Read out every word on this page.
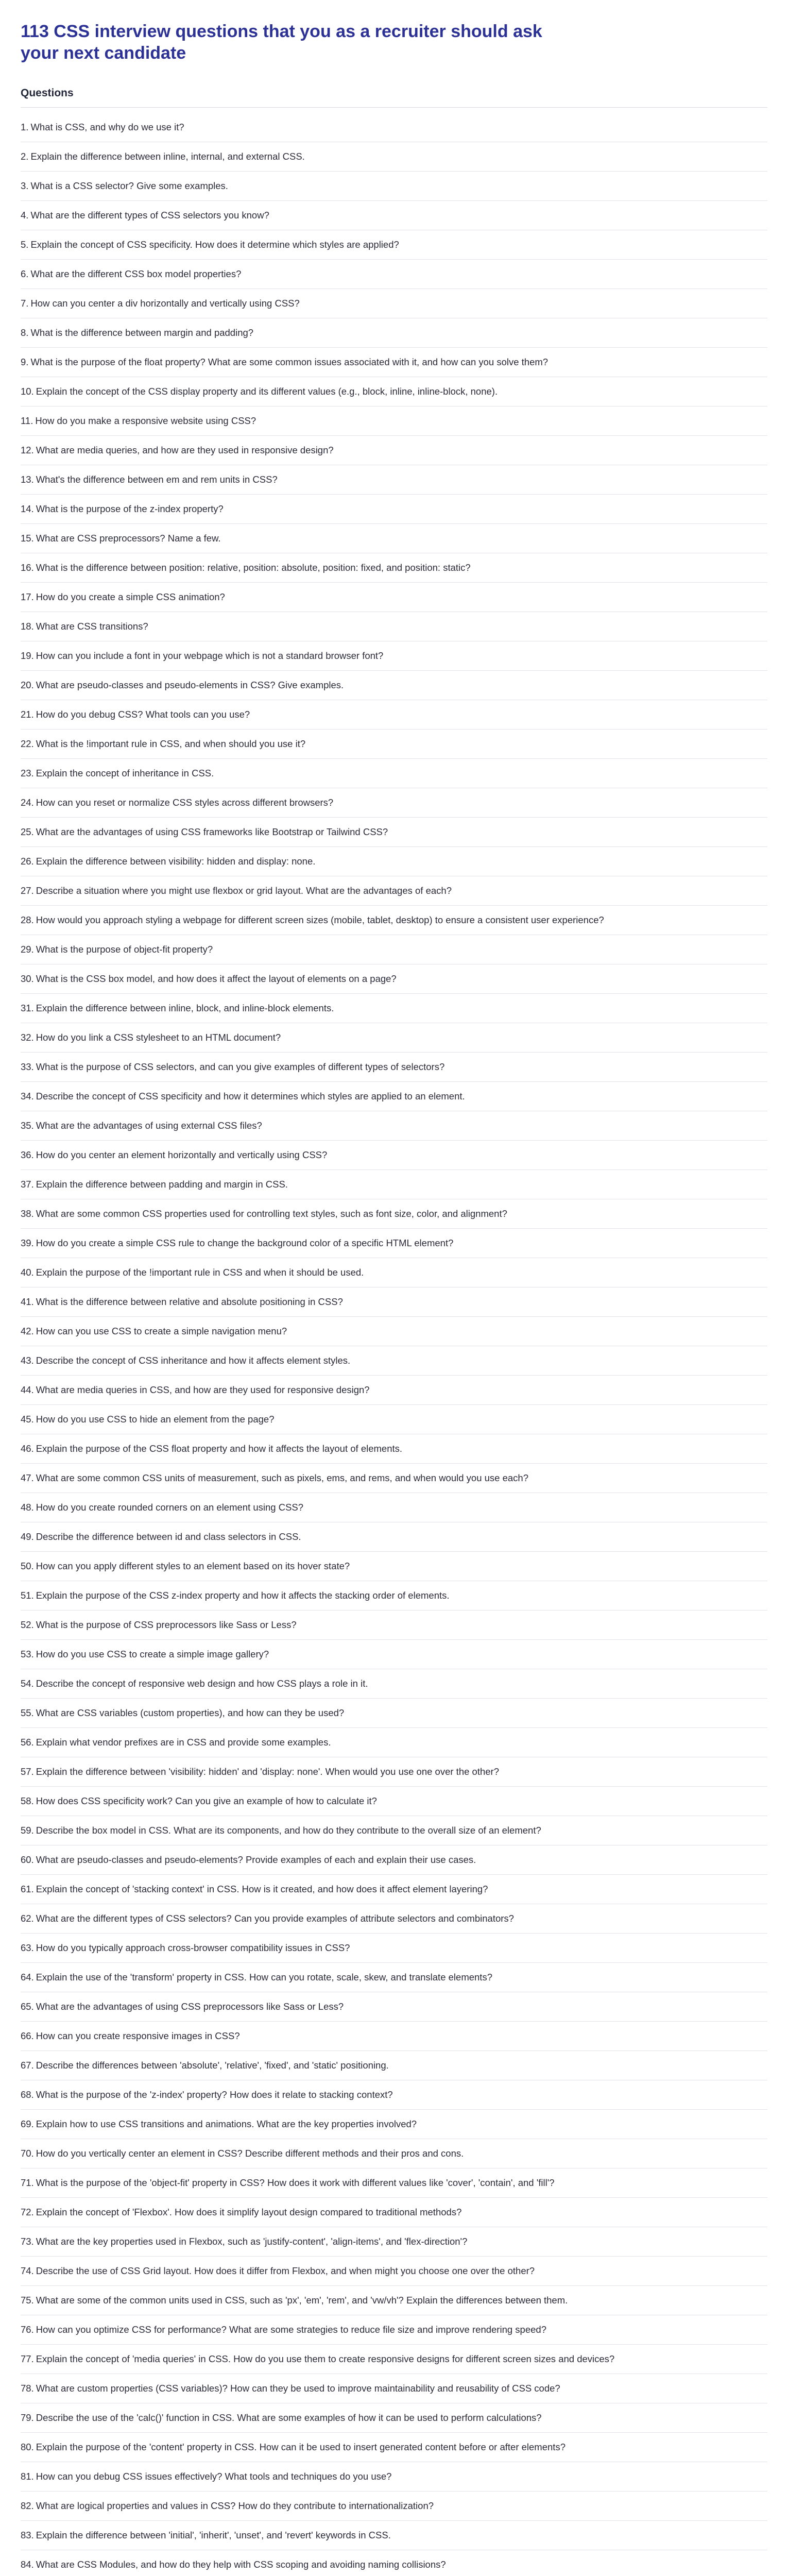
113 CSS interview questions that you as a recruiter should ask your next candidate
Questions
1. What is CSS, and why do we use it?
2. Explain the difference between inline, internal, and external CSS.
3. What is a CSS selector? Give some examples.
4. What are the different types of CSS selectors you know?
5. Explain the concept of CSS specificity. How does it determine which styles are applied?
6. What are the different CSS box model properties?
7. How can you center a div horizontally and vertically using CSS?
8. What is the difference between margin and padding?
9. What is the purpose of the float property? What are some common issues associated with it, and how can you solve them?
10. Explain the concept of the CSS display property and its different values (e.g., block, inline, inline-block, none).
11. How do you make a responsive website using CSS?
12. What are media queries, and how are they used in responsive design?
13. What's the difference between em and rem units in CSS?
14. What is the purpose of the z-index property?
15. What are CSS preprocessors? Name a few.
16. What is the difference between position: relative, position: absolute, position: fixed, and position: static?
17. How do you create a simple CSS animation?
18. What are CSS transitions?
19. How can you include a font in your webpage which is not a standard browser font?
20. What are pseudo-classes and pseudo-elements in CSS? Give examples.
21. How do you debug CSS? What tools can you use?
22. What is the !important rule in CSS, and when should you use it?
23. Explain the concept of inheritance in CSS.
24. How can you reset or normalize CSS styles across different browsers?
25. What are the advantages of using CSS frameworks like Bootstrap or Tailwind CSS?
26. Explain the difference between visibility: hidden and display: none.
27. Describe a situation where you might use flexbox or grid layout. What are the advantages of each?
28. How would you approach styling a webpage for different screen sizes (mobile, tablet, desktop) to ensure a consistent user experience?
29. What is the purpose of object-fit property?
30. What is the CSS box model, and how does it affect the layout of elements on a page?
31. Explain the difference between inline, block, and inline-block elements.
32. How do you link a CSS stylesheet to an HTML document?
33. What is the purpose of CSS selectors, and can you give examples of different types of selectors?
34. Describe the concept of CSS specificity and how it determines which styles are applied to an element.
35. What are the advantages of using external CSS files?
36. How do you center an element horizontally and vertically using CSS?
37. Explain the difference between padding and margin in CSS.
38. What are some common CSS properties used for controlling text styles, such as font size, color, and alignment?
39. How do you create a simple CSS rule to change the background color of a specific HTML element?
40. Explain the purpose of the !important rule in CSS and when it should be used.
41. What is the difference between relative and absolute positioning in CSS?
42. How can you use CSS to create a simple navigation menu?
43. Describe the concept of CSS inheritance and how it affects element styles.
44. What are media queries in CSS, and how are they used for responsive design?
45. How do you use CSS to hide an element from the page?
46. Explain the purpose of the CSS float property and how it affects the layout of elements.
47. What are some common CSS units of measurement, such as pixels, ems, and rems, and when would you use each?
48. How do you create rounded corners on an element using CSS?
49. Describe the difference between id and class selectors in CSS.
50. How can you apply different styles to an element based on its hover state?
51. Explain the purpose of the CSS z-index property and how it affects the stacking order of elements.
52. What is the purpose of CSS preprocessors like Sass or Less?
53. How do you use CSS to create a simple image gallery?
54. Describe the concept of responsive web design and how CSS plays a role in it.
55. What are CSS variables (custom properties), and how can they be used?
56. Explain what vendor prefixes are in CSS and provide some examples.
57. Explain the difference between 'visibility: hidden' and 'display: none'. When would you use one over the other?
58. How does CSS specificity work? Can you give an example of how to calculate it?
59. Describe the box model in CSS. What are its components, and how do they contribute to the overall size of an element?
60. What are pseudo-classes and pseudo-elements? Provide examples of each and explain their use cases.
61. Explain the concept of 'stacking context' in CSS. How is it created, and how does it affect element layering?
62. What are the different types of CSS selectors? Can you provide examples of attribute selectors and combinators?
63. How do you typically approach cross-browser compatibility issues in CSS?
64. Explain the use of the 'transform' property in CSS. How can you rotate, scale, skew, and translate elements?
65. What are the advantages of using CSS preprocessors like Sass or Less?
66. How can you create responsive images in CSS?
67. Describe the differences between 'absolute', 'relative', 'fixed', and 'static' positioning.
68. What is the purpose of the 'z-index' property? How does it relate to stacking context?
69. Explain how to use CSS transitions and animations. What are the key properties involved?
70. How do you vertically center an element in CSS? Describe different methods and their pros and cons.
71. What is the purpose of the 'object-fit' property in CSS? How does it work with different values like 'cover', 'contain', and 'fill'?
72. Explain the concept of 'Flexbox'. How does it simplify layout design compared to traditional methods?
73. What are the key properties used in Flexbox, such as 'justify-content', 'align-items', and 'flex-direction'?
74. Describe the use of CSS Grid layout. How does it differ from Flexbox, and when might you choose one over the other?
75. What are some of the common units used in CSS, such as 'px', 'em', 'rem', and 'vw/vh'? Explain the differences between them.
76. How can you optimize CSS for performance? What are some strategies to reduce file size and improve rendering speed?
77. Explain the concept of 'media queries' in CSS. How do you use them to create responsive designs for different screen sizes and devices?
78. What are custom properties (CSS variables)? How can they be used to improve maintainability and reusability of CSS code?
79. Describe the use of the 'calc()' function in CSS. What are some examples of how it can be used to perform calculations?
80. Explain the purpose of the 'content' property in CSS. How can it be used to insert generated content before or after elements?
81. How can you debug CSS issues effectively? What tools and techniques do you use?
82. What are logical properties and values in CSS? How do they contribute to internationalization?
83. Explain the difference between 'initial', 'inherit', 'unset', and 'revert' keywords in CSS.
84. What are CSS Modules, and how do they help with CSS scoping and avoiding naming collisions?
